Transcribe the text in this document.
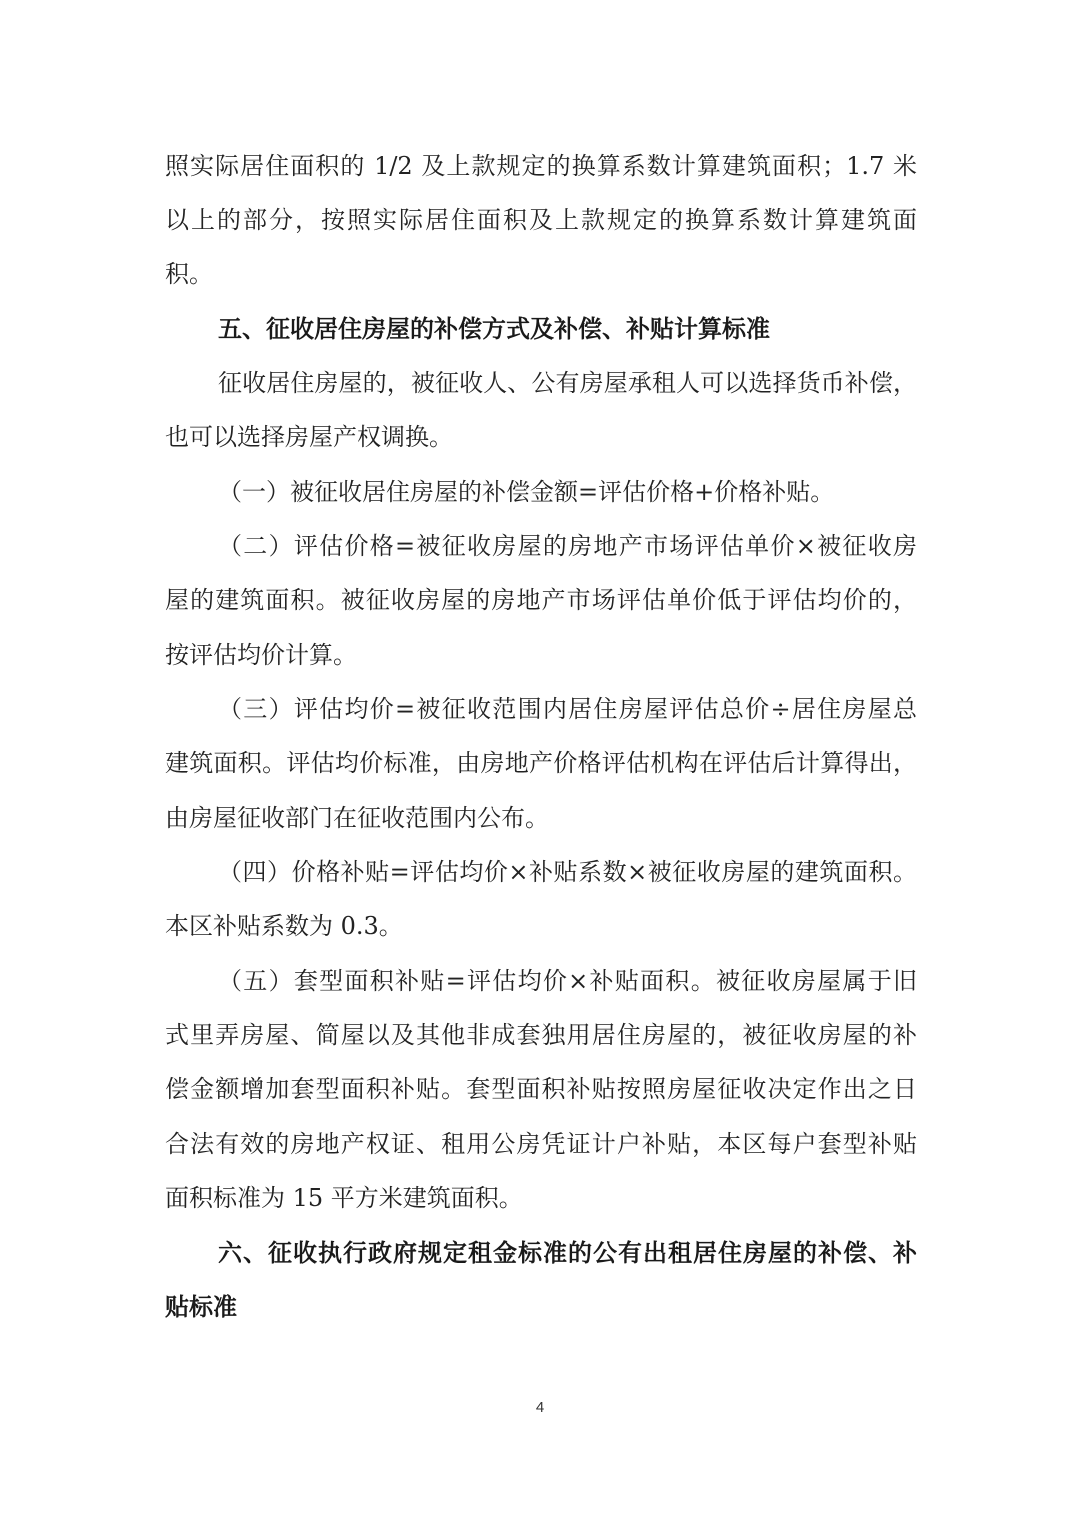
照实际居住面积的 1/2 及上款规定的换算系数计算建筑面积；1.7 米
以上的部分，按照实际居住面积及上款规定的换算系数计算建筑面
积。
五、征收居住房屋的补偿方式及补偿、补贴计算标准
征收居住房屋的，被征收人、公有房屋承租人可以选择货币补偿，
也可以选择房屋产权调换。
（一）被征收居住房屋的补偿金额=评估价格+价格补贴。
（二）评估价格=被征收房屋的房地产市场评估单价×被征收房
屋的建筑面积。被征收房屋的房地产市场评估单价低于评估均价的，
按评估均价计算。
（三）评估均价=被征收范围内居住房屋评估总价÷居住房屋总
建筑面积。评估均价标准，由房地产价格评估机构在评估后计算得出，
由房屋征收部门在征收范围内公布。
（四）价格补贴=评估均价×补贴系数×被征收房屋的建筑面积。
本区补贴系数为 0.3。
（五）套型面积补贴=评估均价×补贴面积。被征收房屋属于旧
式里弄房屋、简屋以及其他非成套独用居住房屋的，被征收房屋的补
偿金额增加套型面积补贴。套型面积补贴按照房屋征收决定作出之日
合法有效的房地产权证、租用公房凭证计户补贴，本区每户套型补贴
面积标准为 15 平方米建筑面积。
六、征收执行政府规定租金标准的公有出租居住房屋的补偿、补
贴标准
4
